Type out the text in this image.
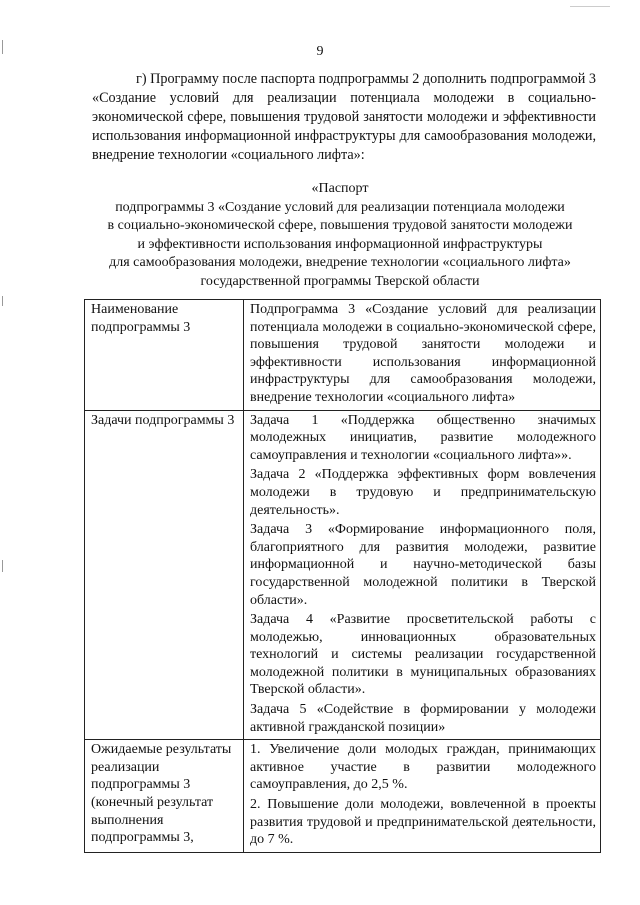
9

г) Программу после паспорта подпрограммы 2 дополнить подпрограммой 3 «Создание условий для реализации потенциала молодежи в социально-экономической сфере, повышения трудовой занятости молодежи и эффективности использования информационной инфраструктуры для самообразования молодежи, внедрение технологии «социального лифта»:

«Паспорт
подпрограммы 3 «Создание условий для реализации потенциала молодежи
в социально-экономической сфере, повышения трудовой занятости молодежи
и эффективности использования информационной инфраструктуры
для самообразования молодежи, внедрение технологии «социального лифта»
государственной программы Тверской области
Наименование подпрограммы 3	Подпрограмма 3 «Создание условий для реализации потенциала молодежи в социально-экономической сфере, повышения трудовой занятости молодежи и эффективности использования информационной инфраструктуры для самообразования молодежи, внедрение технологии «социального лифта»

Задачи подпрограммы 3	Задача 1 «Поддержка общественно значимых молодежных инициатив, развитие молодежного самоуправления и технологии «социального лифта»».

Задача 2 «Поддержка эффективных форм вовлечения молодежи в трудовую и предпринимательскую деятельность».

Задача 3 «Формирование информационного поля, благоприятного для развития молодежи, развитие информационной и научно-методической базы государственной молодежной политики в Тверской области».

Задача 4 «Развитие просветительской работы с молодежью, инновационных образовательных технологий и системы реализации государственной молодежной политики в муниципальных образованиях Тверской области».

Задача 5 «Содействие в формировании у молодежи активной гражданской позиции»

Ожидаемые результаты реализации подпрограммы 3 (конечный результат выполнения подпрограммы 3,	1. Увеличение доли молодых граждан, принимающих активное участие в развитии молодежного самоуправления, до 2,5 %.

2. Повышение доли молодежи, вовлеченной в проекты развития трудовой и предпринимательской деятельности, до 7 %.
